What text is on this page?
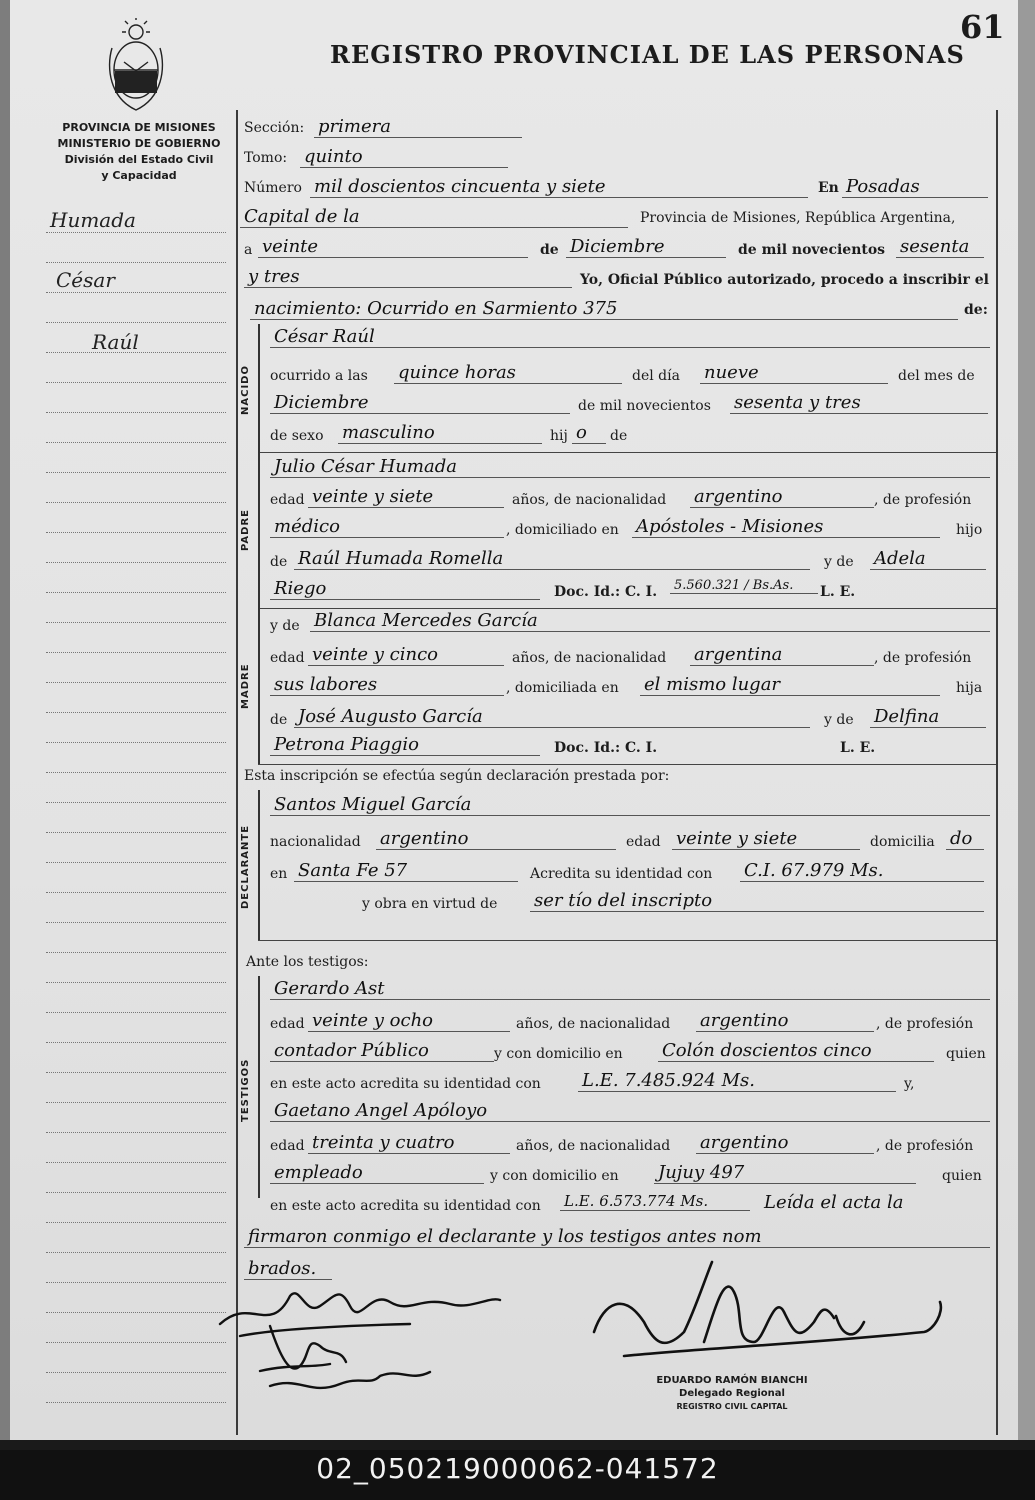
61
REGISTRO PROVINCIAL DE LAS PERSONAS
PROVINCIA DE MISIONES
MINISTERIO DE GOBIERNO
División del Estado Civil
y Capacidad
Humada
César
Raúl
Sección: primera
Tomo: quinto
Número mil doscientos cincuenta y siete	En Posadas
Capital de la	Provincia de Misiones, República Argentina,
a veinte	de Diciembre	de mil novecientos sesenta
y tres	Yo, Oficial Público autorizado, procedo a inscribir el
nacimiento: Ocurrido en Sarmiento 375	de:
NACIDO
César Raúl
ocurrido a las quince horas	del día nueve	del mes de
Diciembre	de mil novecientos sesenta y tres
de sexo masculino	hij o	de
PADRE
Julio César Humada
edad veinte y siete	años, de nacionalidad argentino	, de profesión
médico	, domiciliado en Apóstoles - Misiones	hijo
de Raúl Humada Romella	y de Adela
Riego	Doc. Id.: C. I.	5.560.321 / Bs.As.	L. E.
MADRE
y de Blanca Mercedes García
edad veinte y cinco	años, de nacionalidad argentina	, de profesión
sus labores	, domiciliada en el mismo lugar	hija
de José Augusto García	y de Delfina
Petrona Piaggio	Doc. Id.: C. I.	L. E.
Esta inscripción se efectúa según declaración prestada por:
DECLARANTE
Santos Miguel García
nacionalidad argentino	edad veinte y siete	domicilia do
en Santa Fe 57	Acredita su identidad con C.I. 67.979 Ms.
y obra en virtud de ser tío del inscripto
Ante los testigos:
TESTIGOS
Gerardo Ast
edad veinte y ocho	años, de nacionalidad argentino	, de profesión
contador Público	y con domicilio en Colón doscientos cinco	quien
en este acto acredita su identidad con L.E. 7.485.924 Ms.	y,
Gaetano Angel Apóloyo
edad treinta y cuatro	años, de nacionalidad argentino	, de profesión
empleado	y con domicilio en Jujuy 497	quien
en este acto acredita su identidad con L.E. 6.573.774 Ms.	Leída el acta la
firmaron conmigo el declarante y los testigos antes nom
brados.
EDUARDO RAMÓN BIANCHI
Delegado Regional
REGISTRO CIVIL CAPITAL
02_050219000062-041572
